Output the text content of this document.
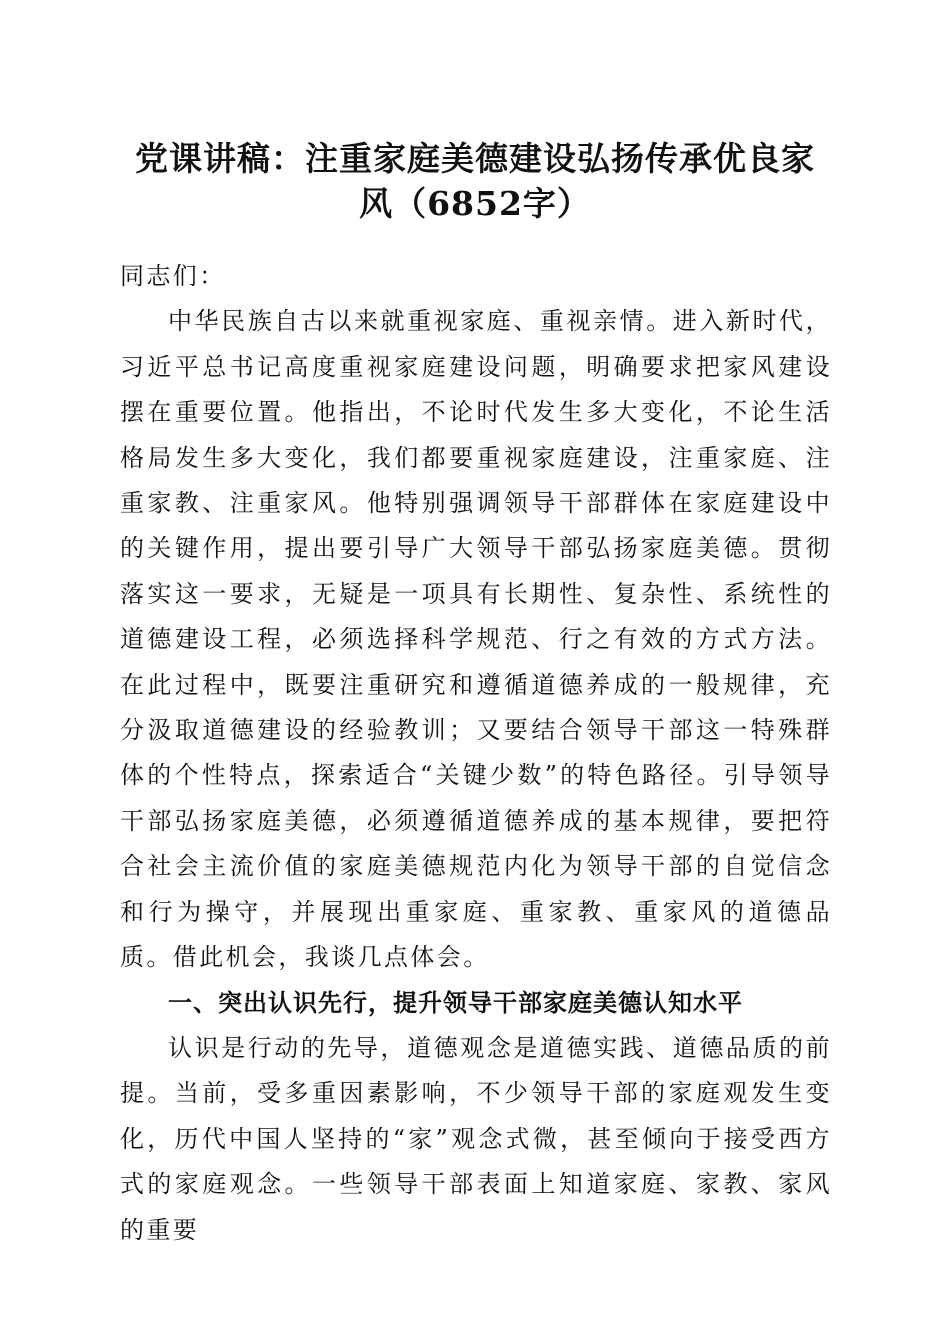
党课讲稿：注重家庭美德建设弘扬传承优良家
风（6852字）

同志们：

中华民族自古以来就重视家庭、重视亲情。进入新时代，习近平总书记高度重视家庭建设问题，明确要求把家风建设摆在重要位置。他指出，不论时代发生多大变化，不论生活格局发生多大变化，我们都要重视家庭建设，注重家庭、注重家教、注重家风。他特别强调领导干部群体在家庭建设中的关键作用，提出要引导广大领导干部弘扬家庭美德。贯彻落实这一要求，无疑是一项具有长期性、复杂性、系统性的道德建设工程，必须选择科学规范、行之有效的方式方法。在此过程中，既要注重研究和遵循道德养成的一般规律，充分汲取道德建设的经验教训；又要结合领导干部这一特殊群体的个性特点，探索适合“关键少数”的特色路径。引导领导干部弘扬家庭美德，必须遵循道德养成的基本规律，要把符合社会主流价值的家庭美德规范内化为领导干部的自觉信念和行为操守，并展现出重家庭、重家教、重家风的道德品质。借此机会，我谈几点体会。

一、突出认识先行，提升领导干部家庭美德认知水平

认识是行动的先导，道德观念是道德实践、道德品质的前提。当前，受多重因素影响，不少领导干部的家庭观发生变化，历代中国人坚持的“家”观念式微，甚至倾向于接受西方式的家庭观念。一些领导干部表面上知道家庭、家教、家风的重要
